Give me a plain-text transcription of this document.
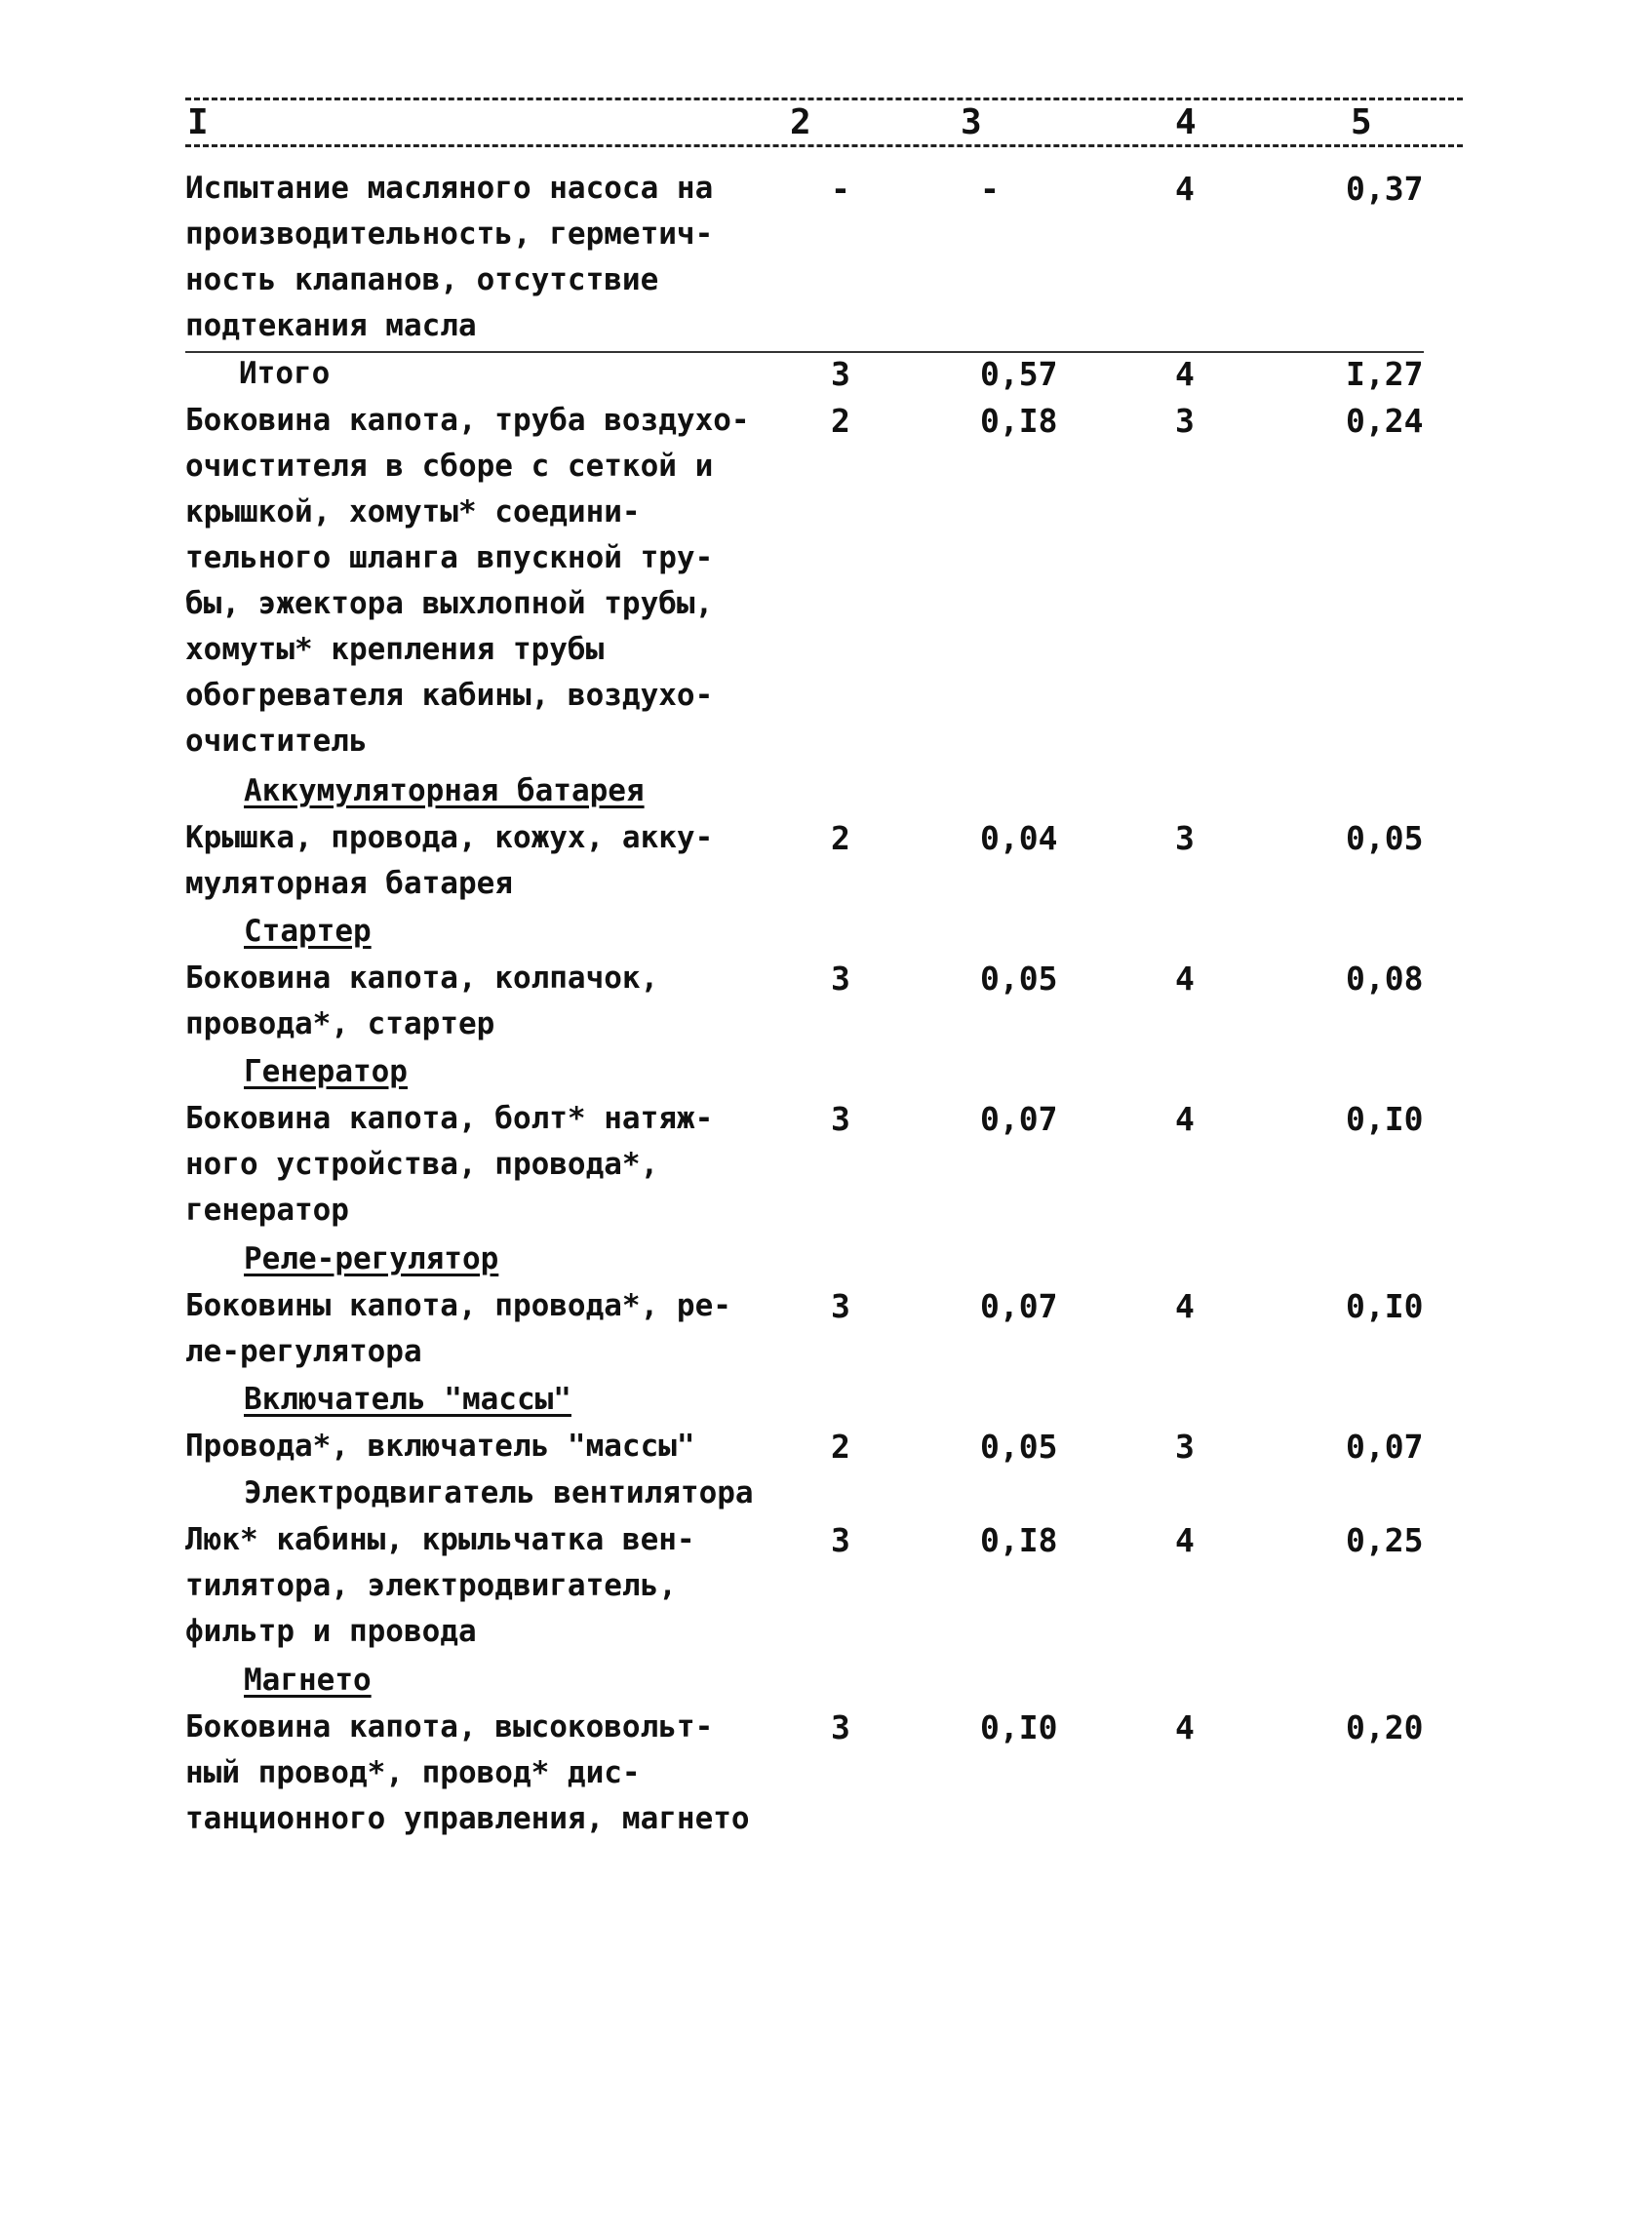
I	2	3	4	5
Испытание масляного насоса на
производительность, герметич-
ность клапанов, отсутствие
подтекания масла
-	-	4	0,37
Итого	3	0,57	4	I,27
Боковина капота, труба воздухо-
очистителя в сборе с сеткой и
крышкой, хомуты* соедини-
тельного шланга впускной тру-
бы, эжектора выхлопной трубы,
хомуты* крепления трубы
обогревателя кабины, воздухо-
очиститель
2	0,I8	3	0,24
Аккумуляторная батарея
Крышка, провода, кожух, акку-
муляторная батарея
2	0,04	3	0,05
Стартер
Боковина капота, колпачок,
провода*, стартер
3	0,05	4	0,08
Генератор
Боковина капота, болт* натяж-
ного устройства, провода*,
генератор
3	0,07	4	0,I0
Реле-регулятор
Боковины капота, провода*, ре-
ле-регулятора
3	0,07	4	0,I0
Включатель "массы"
Провода*, включатель "массы"	2	0,05	3	0,07
Электродвигатель вентилятора
Люк* кабины, крыльчатка вен-
тилятора, электродвигатель,
фильтр и провода
3	0,I8	4	0,25
Магнето
Боковина капота, высоковольт-
ный провод*, провод* дис-
танционного управления, магнето
3	0,I0	4	0,20
